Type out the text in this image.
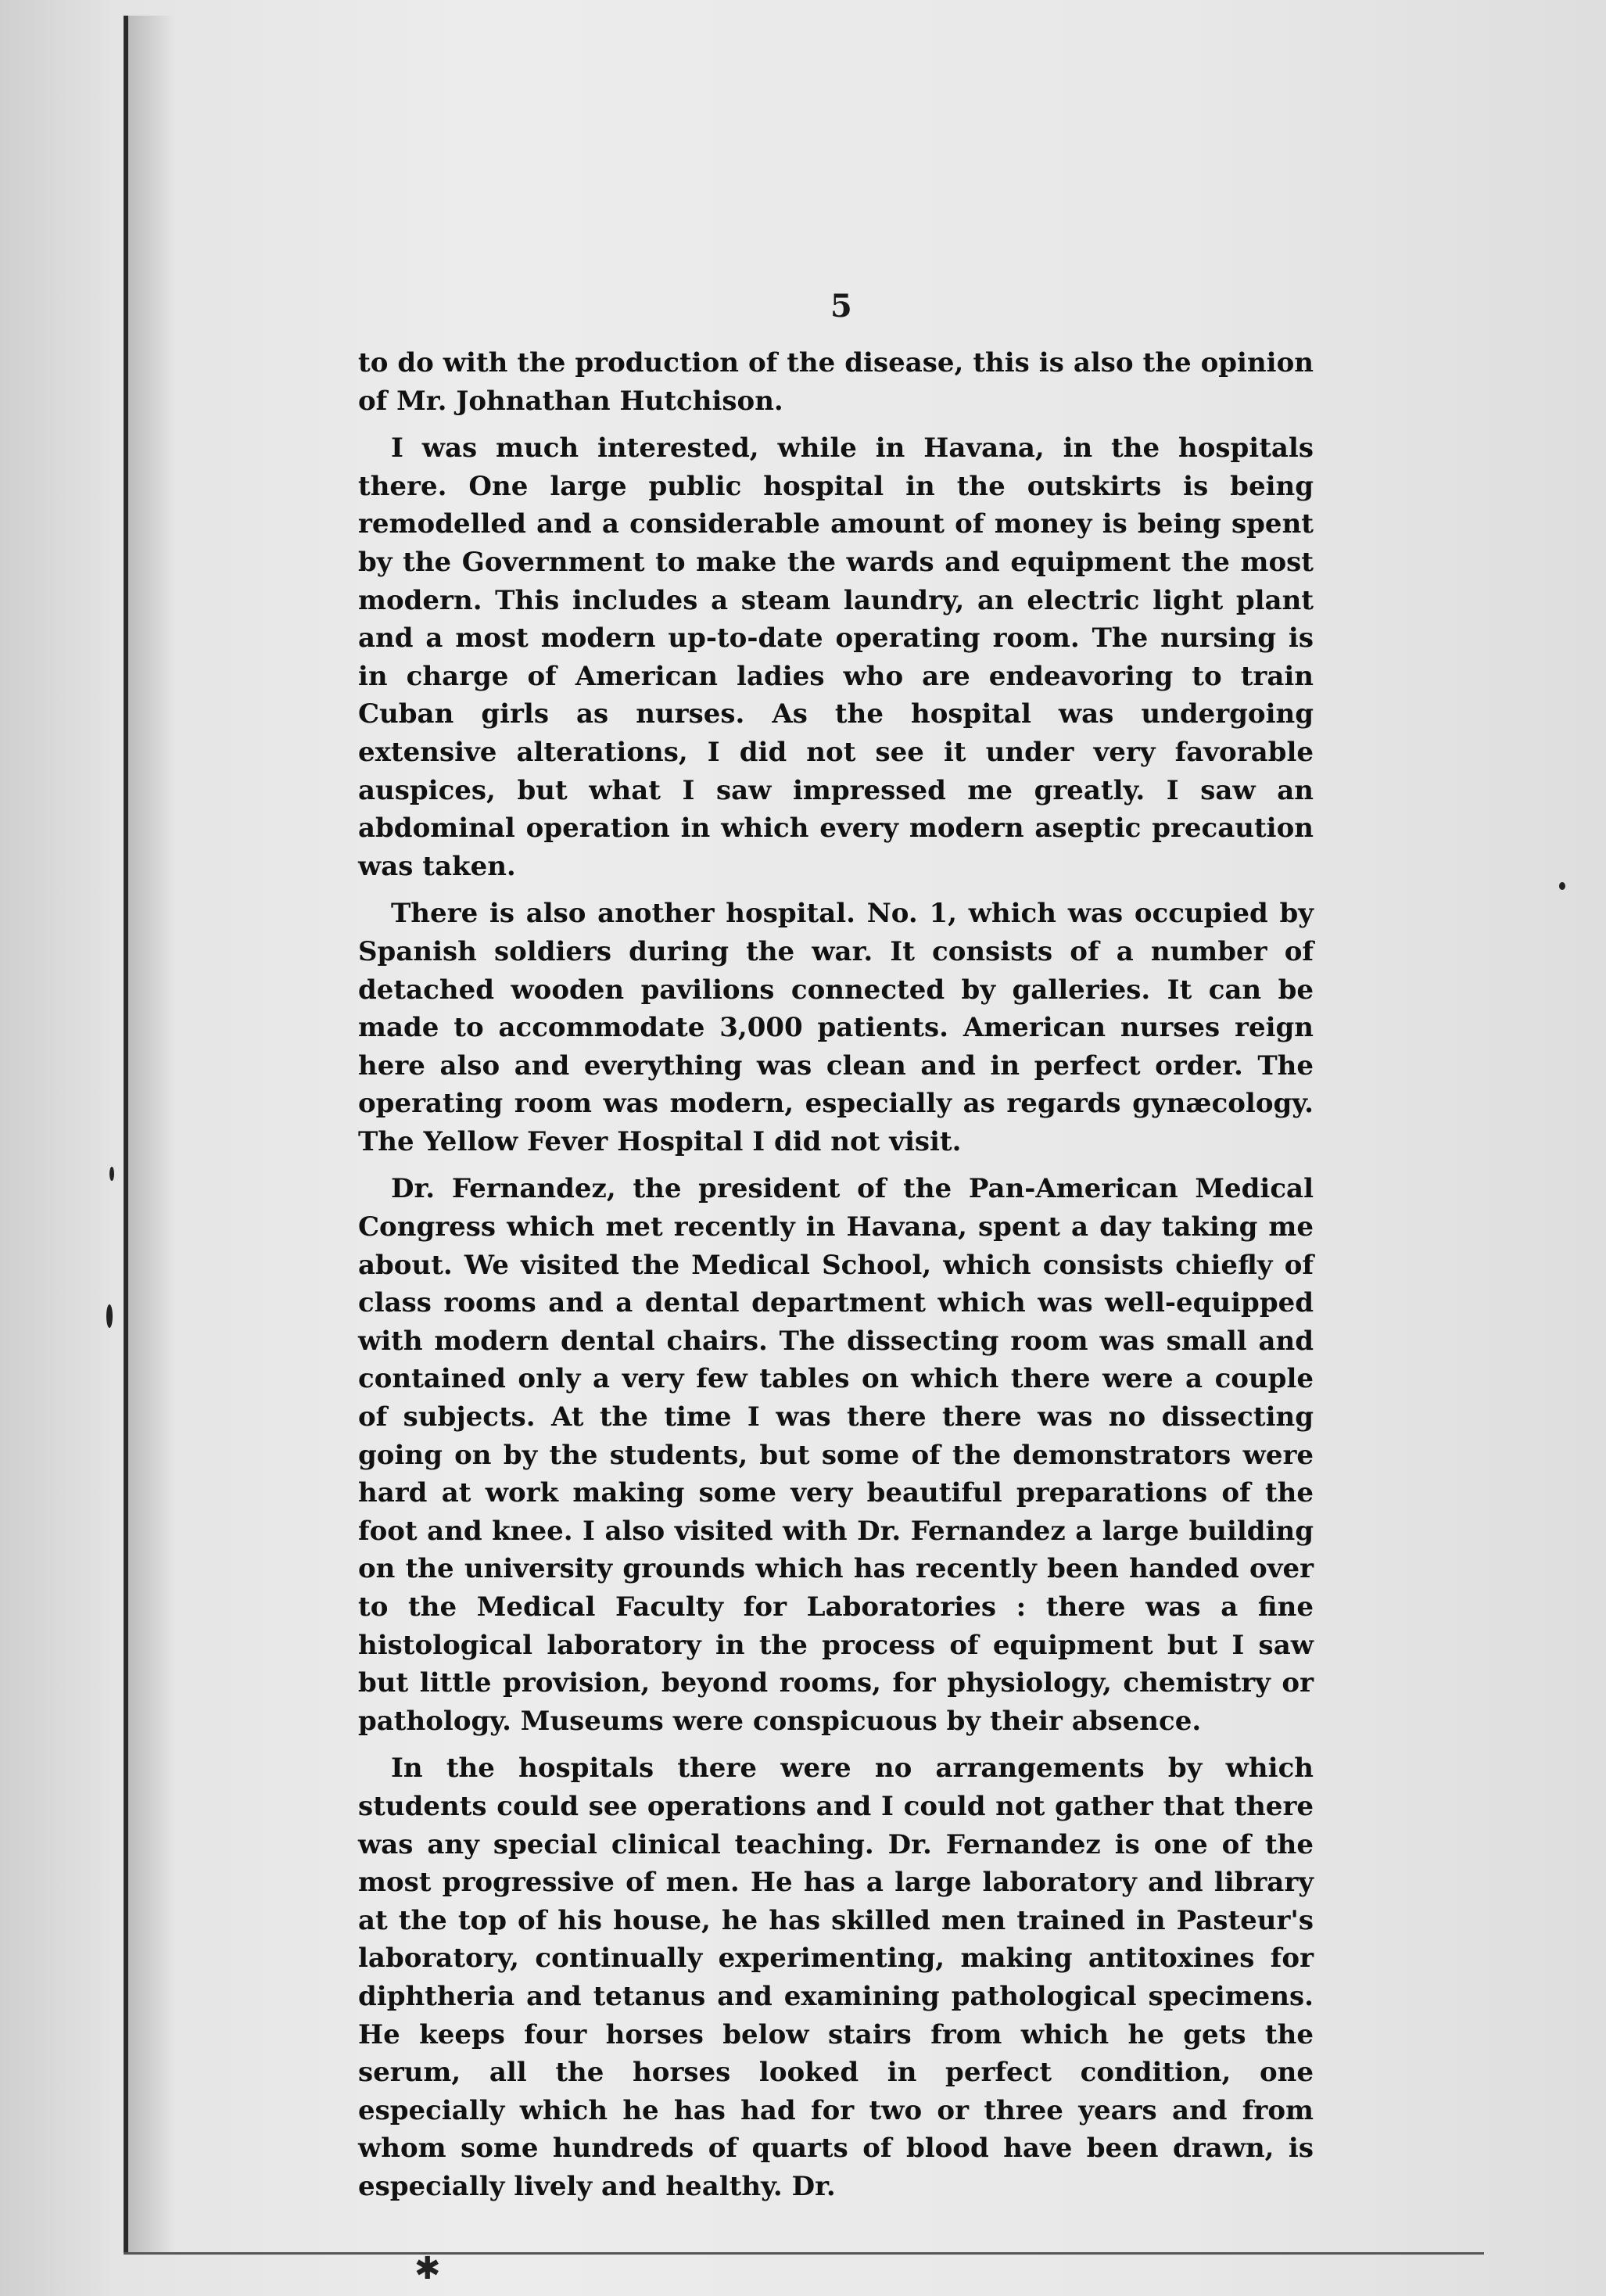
5

to do with the production of the disease, this is also the opinion of Mr. Johnathan Hutchison.

I was much interested, while in Havana, in the hospitals there. One large public hospital in the outskirts is being remodelled and a considerable amount of money is being spent by the Government to make the wards and equipment the most modern. This includes a steam laundry, an electric light plant and a most modern up-to-date operating room. The nursing is in charge of American ladies who are endeavoring to train Cuban girls as nurses. As the hospital was undergoing extensive alterations, I did not see it under very favorable auspices, but what I saw impressed me greatly. I saw an abdominal operation in which every modern aseptic precaution was taken.

There is also another hospital. No. 1, which was occupied by Spanish soldiers during the war. It consists of a number of detached wooden pavilions connected by galleries. It can be made to accommodate 3,000 patients. American nurses reign here also and everything was clean and in perfect order. The operating room was modern, especially as regards gynæcology. The Yellow Fever Hospital I did not visit.

Dr. Fernandez, the president of the Pan-American Medical Congress which met recently in Havana, spent a day taking me about. We visited the Medical School, which consists chiefly of class rooms and a dental department which was well-equipped with modern dental chairs. The dissecting room was small and contained only a very few tables on which there were a couple of subjects. At the time I was there there was no dissecting going on by the students, but some of the demonstrators were hard at work making some very beautiful preparations of the foot and knee. I also visited with Dr. Fernandez a large building on the university grounds which has recently been handed over to the Medical Faculty for Laboratories : there was a fine histological laboratory in the process of equipment but I saw but little provision, beyond rooms, for physiology, chemistry or pathology. Museums were conspicuous by their absence.

In the hospitals there were no arrangements by which students could see operations and I could not gather that there was any special clinical teaching. Dr. Fernandez is one of the most progressive of men. He has a large laboratory and library at the top of his house, he has skilled men trained in Pasteur's laboratory, continually experimenting, making antitoxines for diphtheria and tetanus and examining pathological specimens. He keeps four horses below stairs from which he gets the serum, all the horses looked in perfect condition, one especially which he has had for two or three years and from whom some hundreds of quarts of blood have been drawn, is especially lively and healthy. Dr.

✱
